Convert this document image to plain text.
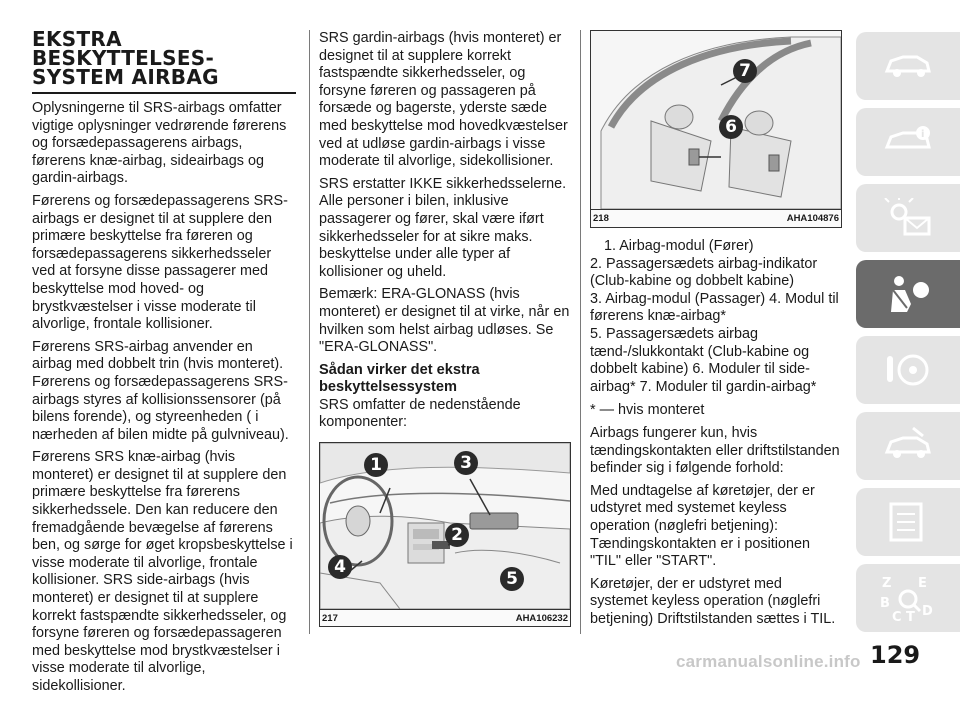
EKSTRA
BESKYTTELSES-
SYSTEM AIRBAG

Oplysningerne til SRS-airbags omfatter vigtige oplysninger vedrørende førerens og forsædepassagerens airbags, førerens knæ-airbag, sideairbags og gardin-airbags.

Førerens og forsædepassagerens SRS-airbags er designet til at supplere den primære beskyttelse fra føreren og forsædepassagerens sikkerhedsseler ved at forsyne disse passagerer med beskyttelse mod hoved- og brystkvæstelser i visse moderate til alvorlige, frontale kollisioner.

Førerens SRS-airbag anvender en airbag med dobbelt trin (hvis monteret). Førerens og forsædepassagerens SRS-airbags styres af kollisionssensorer (på bilens forende), og styreenheden ( i nærheden af bilen midte på gulvniveau).

Førerens SRS knæ-airbag (hvis monteret) er designet til at supplere den primære beskyttelse fra førerens sikkerhedssele. Den kan reducere den fremadgående bevægelse af førerens ben, og sørge for øget kropsbeskyttelse i visse moderate til alvorlige, frontale kollisioner. SRS side-airbags (hvis monteret) er designet til at supplere korrekt fastspændte sikkerhedsseler, og forsyne føreren og forsædepassageren med beskyttelse mod brystkvæstelser i visse moderate til alvorlige, sidekollisioner.

SRS gardin-airbags (hvis monteret) er designet til at supplere korrekt fastspændte sikkerhedsseler, og forsyne føreren og passageren på forsæde og bagerste, yderste sæde med beskyttelse mod hovedkvæstelser ved at udløse gardin-airbags i visse moderate til alvorlige, sidekollisioner.

SRS erstatter IKKE sikkerhedsselerne. Alle personer i bilen, inklusive passagerer og fører, skal være iført sikkerhedsseler for at sikre maks. beskyttelse under alle typer af kollisioner og uheld.

Bemærk: ERA-GLONASS (hvis monteret) er designet til at virke, når en hvilken som helst airbag udløses. Se "ERA-GLONASS".

Sådan virker det ekstra beskyttelsessystem

SRS omfatter de nedenstående komponenter:

1	3
2
4
5
217	AHA106232
7
6
218	AHA104876

1. Airbag-modul (Fører)

2. Passagersædets airbag-indikator (Club-kabine og dobbelt kabine)

3. Airbag-modul (Passager) 4. Modul til førerens knæ-airbag*

5. Passagersædets airbag tænd-/slukkontakt (Club-kabine og dobbelt kabine) 6. Moduler til side-airbag* 7. Moduler til gardin-airbag*

* — hvis monteret

Airbags fungerer kun, hvis tændingskontakten eller driftstilstanden befinder sig i følgende forhold:

Med undtagelse af køretøjer, der er udstyret med systemet keyless operation (nøglefri betjening): Tændingskontakten er i positionen "TIL" eller "START".

Køretøjer, der er udstyret med systemet keyless operation (nøglefri betjening) Driftstilstanden sættes i TIL.

i
Z E
B
C T D
129
carmanualsonline.info
